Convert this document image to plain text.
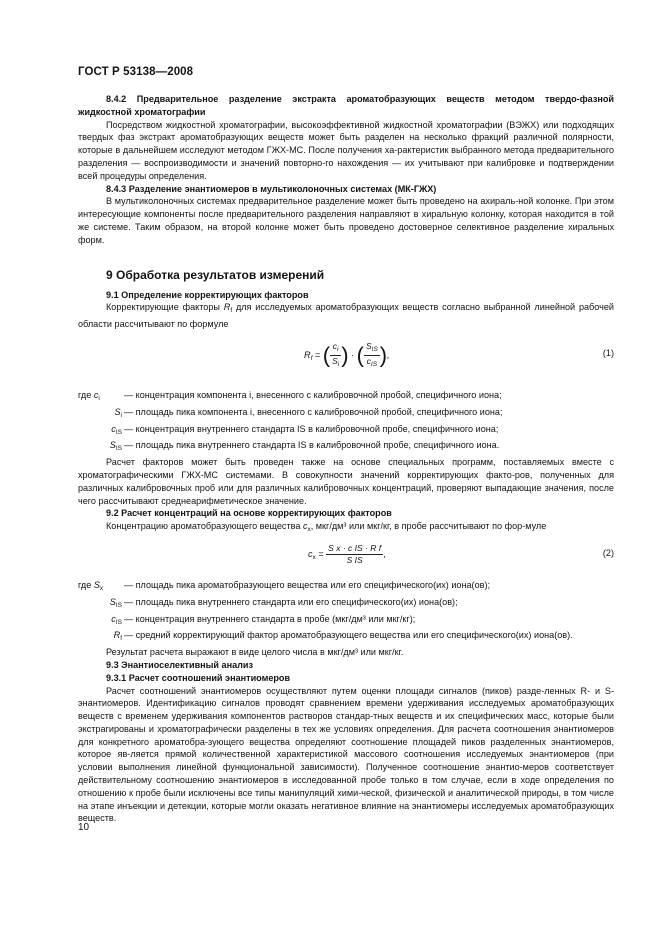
ГОСТ Р 53138—2008

8.4.2 Предварительное разделение экстракта ароматобразующих веществ методом твердо-фазной жидкостной хроматографии

Посредством жидкостной хроматографии, высокоэффективной жидкостной хроматографии (ВЭЖХ) или подходящих твердых фаз экстракт ароматобразующих веществ может быть разделен на несколько фракций различной полярности, которые в дальнейшем исследуют методом ГЖХ-МС. После получения ха-рактеристик выбранного метода предварительного разделения — воспроизводимости и значений повторно-го нахождения — их учитывают при калибровке и подтверждении всей процедуры определения.

8.4.3 Разделение энантиомеров в мультиколоночных системах (МК-ГЖХ)

В мультиколоночных системах предварительное разделение может быть проведено на ахираль-ной колонке. При этом интересующие компоненты после предварительного разделения направляют в хиральную колонку, которая находится в той же системе. Таким образом, на второй колонке может быть проведено достоверное селективное разделение хиральных форм.

9 Обработка результатов измерений

9.1 Определение корректирующих факторов

Корректирующие факторы $R_f$ для исследуемых ароматобразующих веществ согласно выбранной линейной рабочей области рассчитывают по формуле

$R_f$ = ( $\frac{c_i}{S_i}$ ) · ( $\frac{S_{IS}}{c_{IS}}$ ),	(1)
где $c_i$	— концентрация компонента i, внесенного с калибровочной пробой, специфичного иона;
$S_i$ — площадь пика компонента i, внесенного с калибровочной пробой, специфичного иона;
$c_{IS}$ — концентрация внутреннего стандарта IS в калибровочной пробе, специфичного иона;
$S_{IS}$ — площадь пика внутреннего стандарта IS в калибровочной пробе, специфичного иона.

Расчет факторов может быть проведен также на основе специальных программ, поставляемых вместе с хроматографическими ГЖХ-МС системами. В совокупности значений корректирующих факто-ров, полученных для различных калибровочных проб или для различных калибровочных концентраций, проверяют выпадающие значения, после чего рассчитывают среднеарифметическое значение.

9.2 Расчет концентраций на основе корректирующих факторов

Концентрацию ароматобразующего вещества $c_x$, мкг/дм³ или мкг/кг, в пробе рассчитывают по фор-муле

$c_x = \frac{\text{S x · c IS · R f}}{\text{S IS}}$ ,	(2)
где $S_x$	— площадь пика ароматобразующего вещества или его специфического(их) иона(ов);
$S_{IS}$ — площадь пика внутреннего стандарта или его специфического(их) иона(ов);
$c_{IS}$ — концентрация внутреннего стандарта в пробе (мкг/дм³ или мкг/кг);
$R_f$ — средний корректирующий фактор ароматобразующего вещества или его специфического(их) иона(ов).

Результат расчета выражают в виде целого числа в мкг/дм³ или мкг/кг.

9.3 Энантиоселективный анализ

9.3.1 Расчет соотношений энантиомеров

Расчет соотношений энантиомеров осуществляют путем оценки площади сигналов (пиков) разде-ленных R- и S-энантиомеров. Идентификацию сигналов проводят сравнением времени удерживания исследуемых ароматобразующих веществ с временем удерживания компонентов растворов стандар-тных веществ и их специфических масс, которые были экстрагированы и хроматографически разделены в тех же условиях определения. Для расчета соотношения энантиомеров для конкретного ароматобра-зующего вещества определяют соотношение площадей пиков разделенных энантиомеров, которое яв-ляется прямой количественной характеристикой массового соотношения исследуемых энантиомеров (при условии выполнения линейной функциональной зависимости). Полученное соотношение энантио-меров соответствует действительному соотношению энантиомеров в исследованной пробе только в том случае, если в ходе определения по отношению к пробе были исключены все типы манипуляций хими-ческой, физической и аналитической природы, в том числе на этапе инъекции и детекции, которые могли оказать негативное влияние на энантиомеры исследуемых ароматобразующих веществ.

10
